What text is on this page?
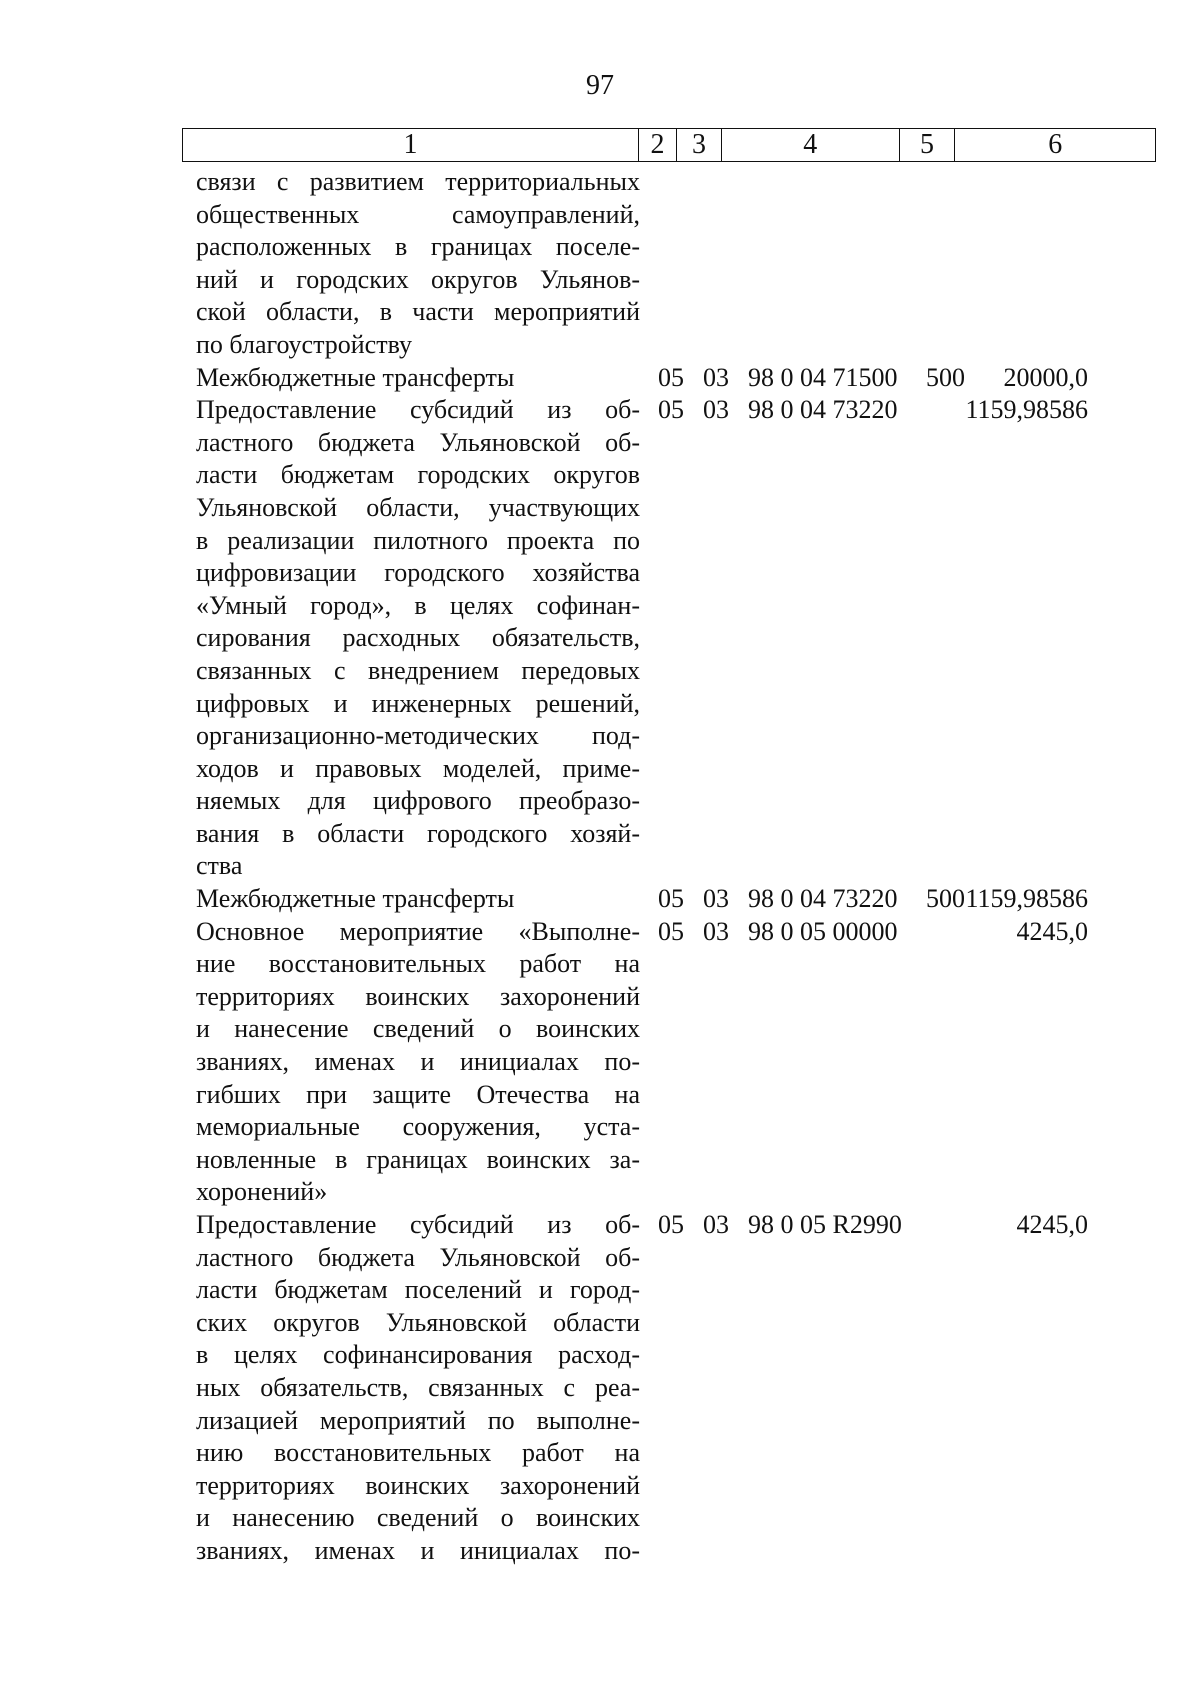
97
1	2 3	4	5	6
связи с развитием территориальных
общественных самоуправлений,
расположенных в границах поселе-
ний и городских округов Ульянов-
ской области, в части мероприятий
по благоустройству
Межбюджетные трансферты	05 03 98 0 04 71500 500 20000,0
Предоставление субсидий из об-
ластного бюджета Ульяновской об-
ласти бюджетам городских округов
Ульяновской области, участвующих
в реализации пилотного проекта по
цифровизации городского хозяйства
«Умный город», в целях софинан-
сирования расходных обязательств,
связанных с внедрением передовых
цифровых и инженерных решений,
организационно-методических под-
ходов и правовых моделей, приме-
няемых для цифрового преобразо-
вания в области городского хозяй-
ства
05 03 98 0 04 73220	1159,98586
Межбюджетные трансферты	05 03 98 0 04 73220 500 1159,98586
Основное мероприятие «Выполне-
ние восстановительных работ на
территориях воинских захоронений
и нанесение сведений о воинских
званиях, именах и инициалах по-
гибших при защите Отечества на
мемориальные сооружения, уста-
новленные в границах воинских за-
хоронений»
05 03 98 0 05 00000	4245,0
Предоставление субсидий из об-
ластного бюджета Ульяновской об-
ласти бюджетам поселений и город-
ских округов Ульяновской области
в целях софинансирования расход-
ных обязательств, связанных с реа-
лизацией мероприятий по выполне-
нию восстановительных работ на
территориях воинских захоронений
и нанесению сведений о воинских
званиях, именах и инициалах по-
05 03 98 0 05 R2990	4245,0
